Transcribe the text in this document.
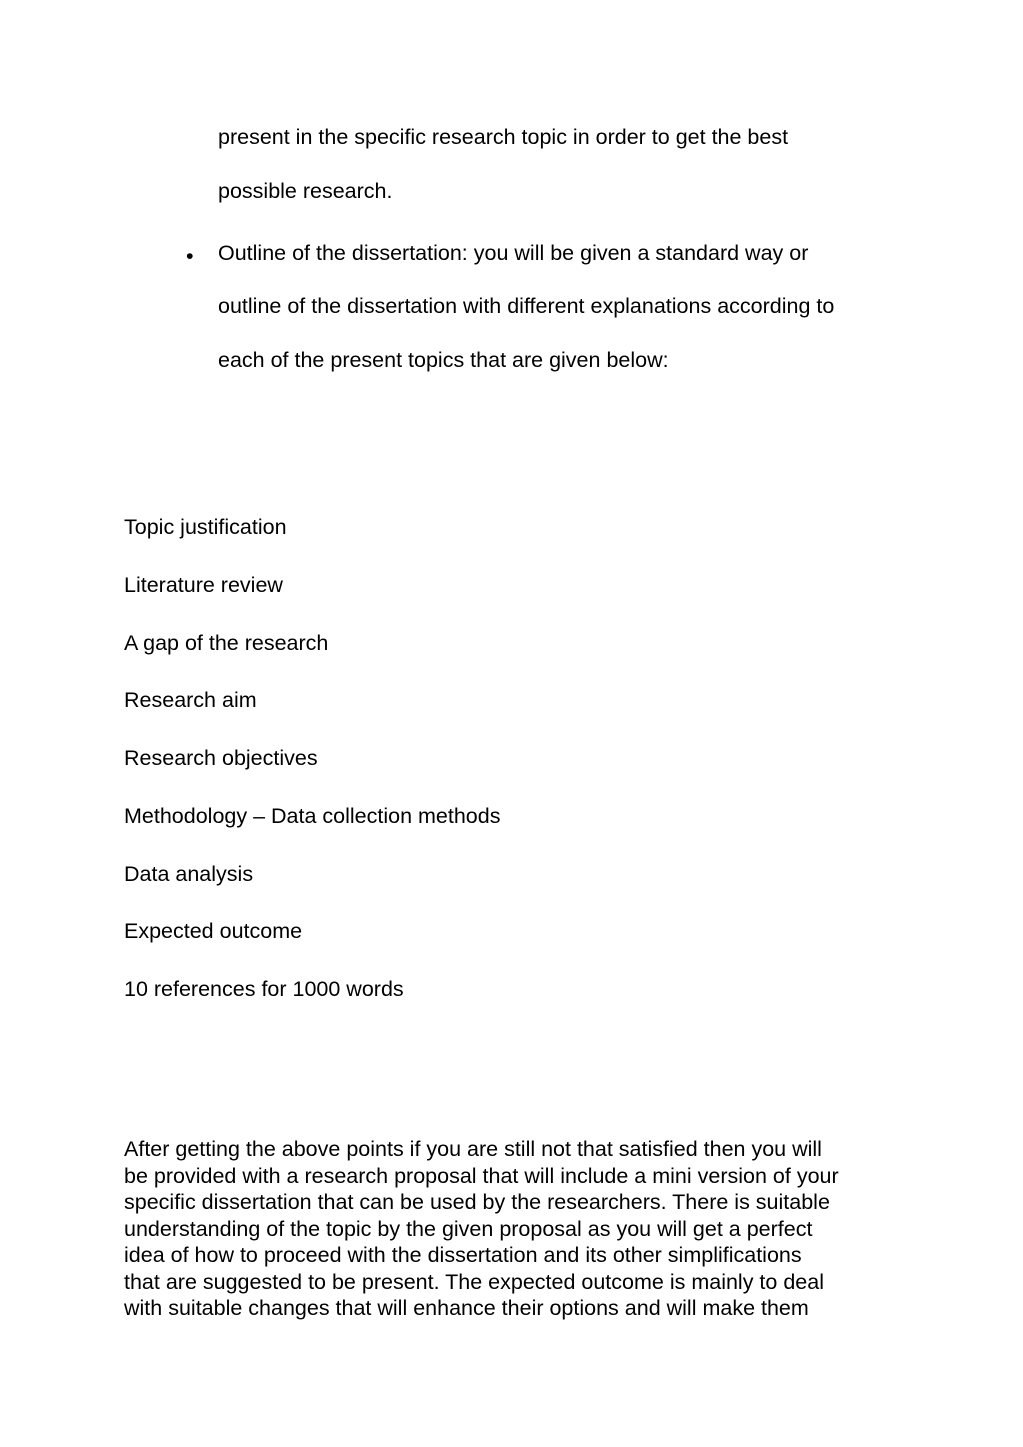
present in the specific research topic in order to get the best
possible research.
• Outline of the dissertation: you will be given a standard way or
outline of the dissertation with different explanations according to
each of the present topics that are given below:
Topic justification
Literature review
A gap of the research
Research aim
Research objectives
Methodology – Data collection methods
Data analysis
Expected outcome
10 references for 1000 words
After getting the above points if you are still not that satisfied then you will
be provided with a research proposal that will include a mini version of your
specific dissertation that can be used by the researchers. There is suitable
understanding of the topic by the given proposal as you will get a perfect
idea of how to proceed with the dissertation and its other simplifications
that are suggested to be present. The expected outcome is mainly to deal
with suitable changes that will enhance their options and will make them
